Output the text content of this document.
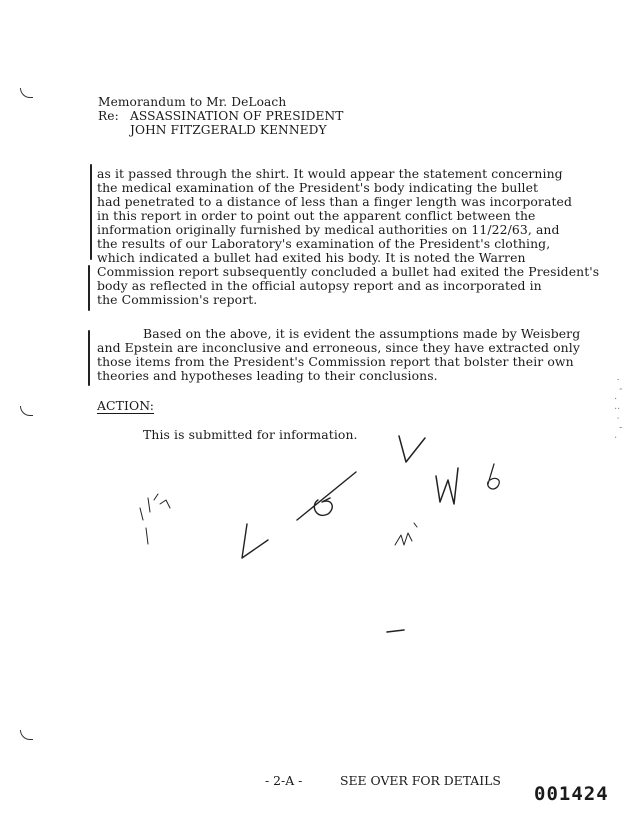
Memorandum to Mr. DeLoach
Re: ASSASSINATION OF PRESIDENT
JOHN FITZGERALD KENNEDY
as it passed through the shirt. It would appear the statement concerning
the medical examination of the President's body indicating the bullet
had penetrated to a distance of less than a finger length was incorporated
in this report in order to point out the apparent conflict between the
information originally furnished by medical authorities on 11/22/63, and
the results of our Laboratory's examination of the President's clothing,
which indicated a bullet had exited his body. It is noted the Warren
Commission report subsequently concluded a bullet had exited the President's
body as reflected in the official autopsy report and as incorporated in
the Commission's report.
Based on the above, it is evident the assumptions made by Weisberg
and Epstein are inconclusive and erroneous, since they have extracted only
those items from the President's Commission report that bolster their own
theories and hypotheses leading to their conclusions.
ACTION:
This is submitted for information.	· ' . : · ' .
- 2-A -	SEE OVER FOR DETAILS
001424
